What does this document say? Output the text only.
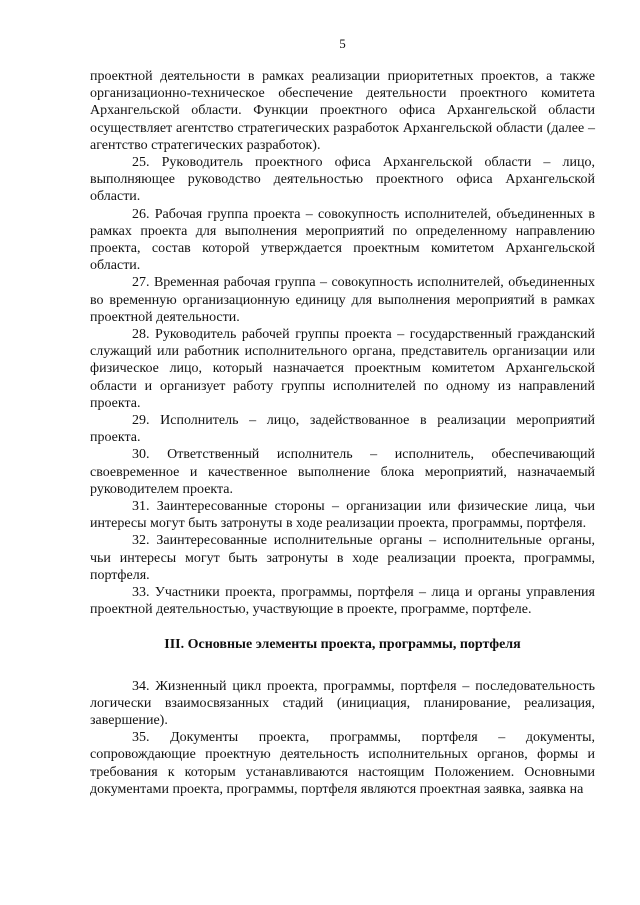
5

проектной деятельности в рамках реализации приоритетных проектов, а также организационно-техническое обеспечение деятельности проектного комитета Архангельской области. Функции проектного офиса Архангельской области осуществляет агентство стратегических разработок Архангельской области (далее – агентство стратегических разработок).

25. Руководитель проектного офиса Архангельской области – лицо, выполняющее руководство деятельностью проектного офиса Архангельской области.

26. Рабочая группа проекта – совокупность исполнителей, объединенных в рамках проекта для выполнения мероприятий по определенному направлению проекта, состав которой утверждается проектным комитетом Архангельской области.

27. Временная рабочая группа – совокупность исполнителей, объединенных во временную организационную единицу для выполнения мероприятий в рамках проектной деятельности.

28. Руководитель рабочей группы проекта – государственный гражданский служащий или работник исполнительного органа, представитель организации или физическое лицо, который назначается проектным комитетом Архангельской области и организует работу группы исполнителей по одному из направлений проекта.

29. Исполнитель – лицо, задействованное в реализации мероприятий проекта.

30. Ответственный исполнитель – исполнитель, обеспечивающий своевременное и качественное выполнение блока мероприятий, назначаемый руководителем проекта.

31. Заинтересованные стороны – организации или физические лица, чьи интересы могут быть затронуты в ходе реализации проекта, программы, портфеля.

32. Заинтересованные исполнительные органы – исполнительные органы, чьи интересы могут быть затронуты в ходе реализации проекта, программы, портфеля.

33. Участники проекта, программы, портфеля – лица и органы управления проектной деятельностью, участвующие в проекте, программе, портфеле.

III. Основные элементы проекта, программы, портфеля

34. Жизненный цикл проекта, программы, портфеля – последовательность логически взаимосвязанных стадий (инициация, планирование, реализация, завершение).

35. Документы проекта, программы, портфеля – документы, сопровождающие проектную деятельность исполнительных органов, формы и требования к которым устанавливаются настоящим Положением. Основными документами проекта, программы, портфеля являются проектная заявка, заявка на
